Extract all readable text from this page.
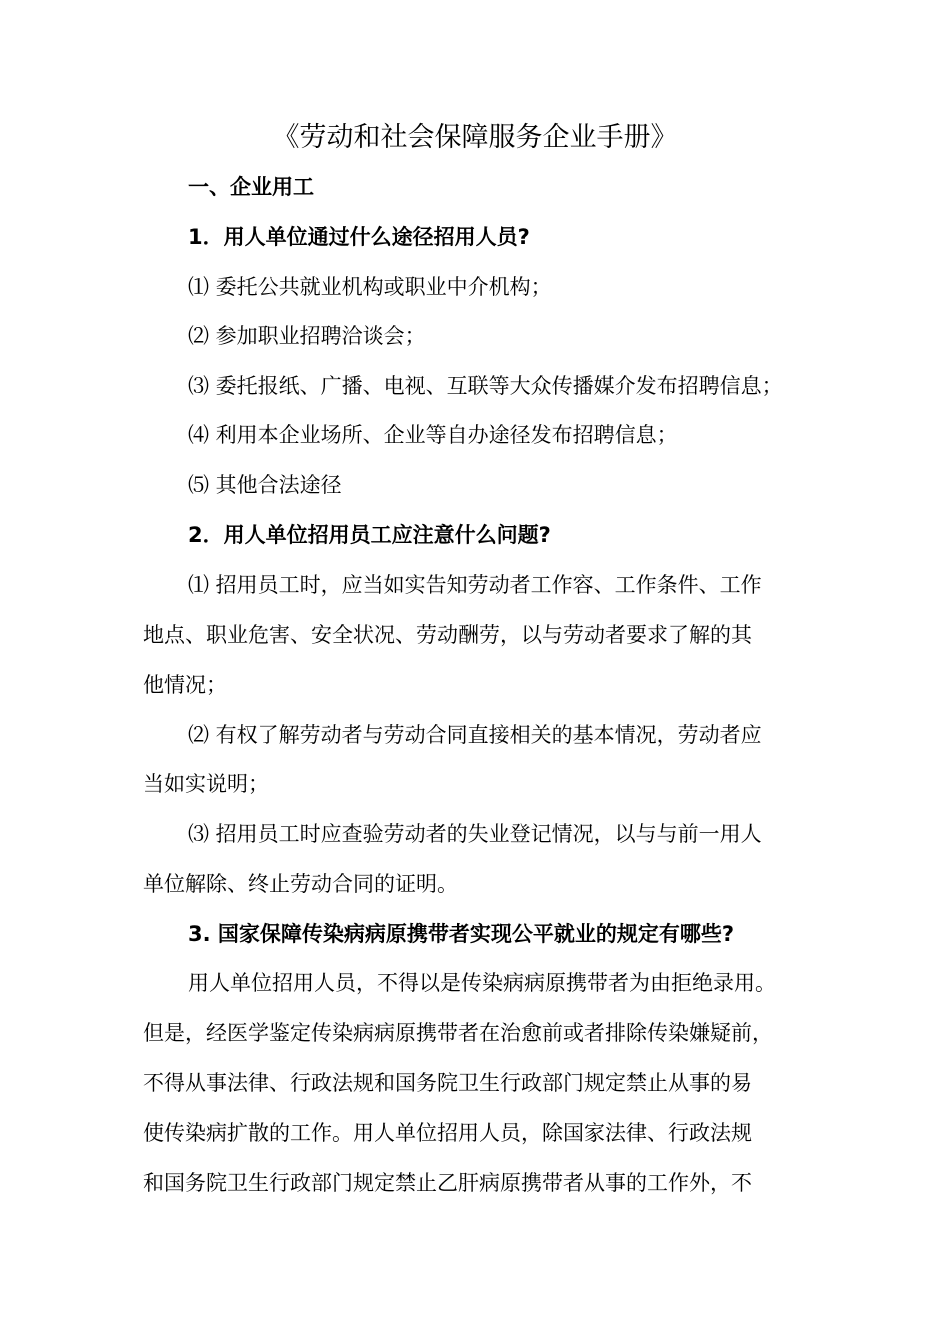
《劳动和社会保障服务企业手册》

一、企业用工

1．用人单位通过什么途径招用人员?

⑴ 委托公共就业机构或职业中介机构；

⑵ 参加职业招聘洽谈会；

⑶ 委托报纸、广播、电视、互联等大众传播媒介发布招聘信息；

⑷ 利用本企业场所、企业等自办途径发布招聘信息；

⑸ 其他合法途径

2．用人单位招用员工应注意什么问题?

⑴ 招用员工时，应当如实告知劳动者工作容、工作条件、工作

地点、职业危害、安全状况、劳动酬劳，以与劳动者要求了解的其

他情况；

⑵ 有权了解劳动者与劳动合同直接相关的基本情况，劳动者应

当如实说明；

⑶ 招用员工时应查验劳动者的失业登记情况，以与与前一用人

单位解除、终止劳动合同的证明。

3. 国家保障传染病病原携带者实现公平就业的规定有哪些?

用人单位招用人员，不得以是传染病病原携带者为由拒绝录用。

但是，经医学鉴定传染病病原携带者在治愈前或者排除传染嫌疑前，

不得从事法律、行政法规和国务院卫生行政部门规定禁止从事的易

使传染病扩散的工作。用人单位招用人员，除国家法律、行政法规

和国务院卫生行政部门规定禁止乙肝病原携带者从事的工作外，不
